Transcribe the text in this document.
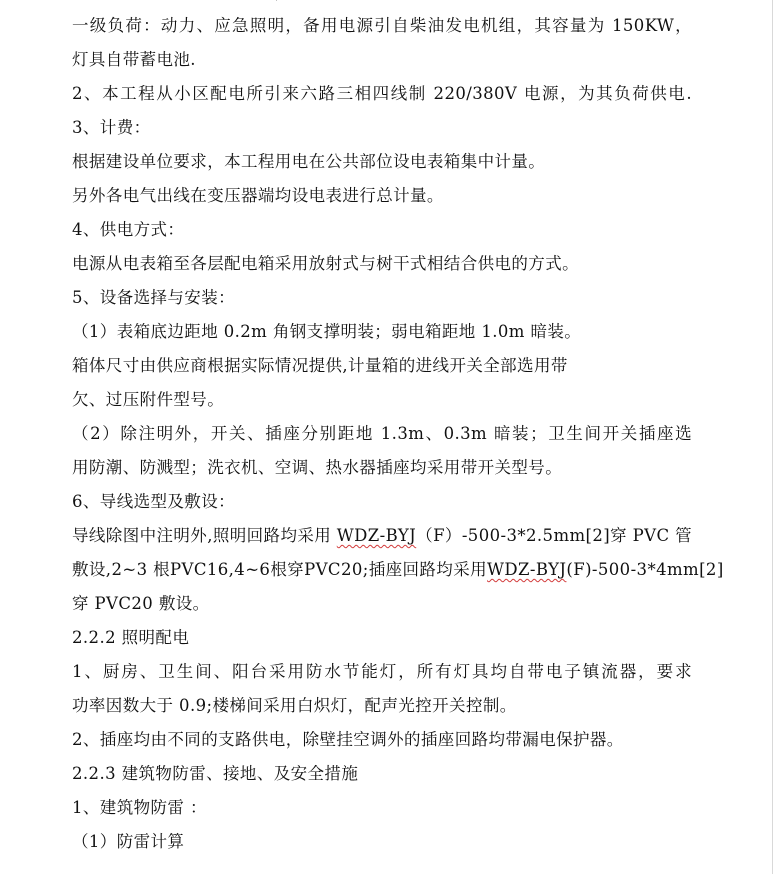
一级负荷：动力、应急照明，备用电源引自柴油发电机组，其容量为 150KW，
灯具自带蓄电池.
2、本工程从小区配电所引来六路三相四线制 220/380V 电源，为其负荷供电.
3、计费：
根据建设单位要求，本工程用电在公共部位设电表箱集中计量。
另外各电气出线在变压器端均设电表进行总计量。
4、供电方式：
电源从电表箱至各层配电箱采用放射式与树干式相结合供电的方式。
5、设备选择与安装：
（1）表箱底边距地 0.2m 角钢支撑明装；弱电箱距地 1.0m 暗装。
箱体尺寸由供应商根据实际情况提供,计量箱的进线开关全部选用带
欠、过压附件型号。
（2）除注明外，开关、插座分别距地 1.3m、0.3m 暗装；卫生间开关插座选
用防潮、防溅型；洗衣机、空调、热水器插座均采用带开关型号。
6、导线选型及敷设：
导线除图中注明外,照明回路均采用 WDZ-BYJ（F）-500-3*2.5mm[2]穿 PVC 管
敷设,2~3 根PVC16,4~6根穿PVC20;插座回路均采用WDZ-BYJ(F)-500-3*4mm[2]
穿 PVC20 敷设。
2.2.2 照明配电
1、厨房、卫生间、阳台采用防水节能灯，所有灯具均自带电子镇流器，要求
功率因数大于 0.9;楼梯间采用白炽灯，配声光控开关控制。
2、插座均由不同的支路供电，除壁挂空调外的插座回路均带漏电保护器。
2.2.3 建筑物防雷、接地、及安全措施
1、建筑物防雷 ：
（1）防雷计算
